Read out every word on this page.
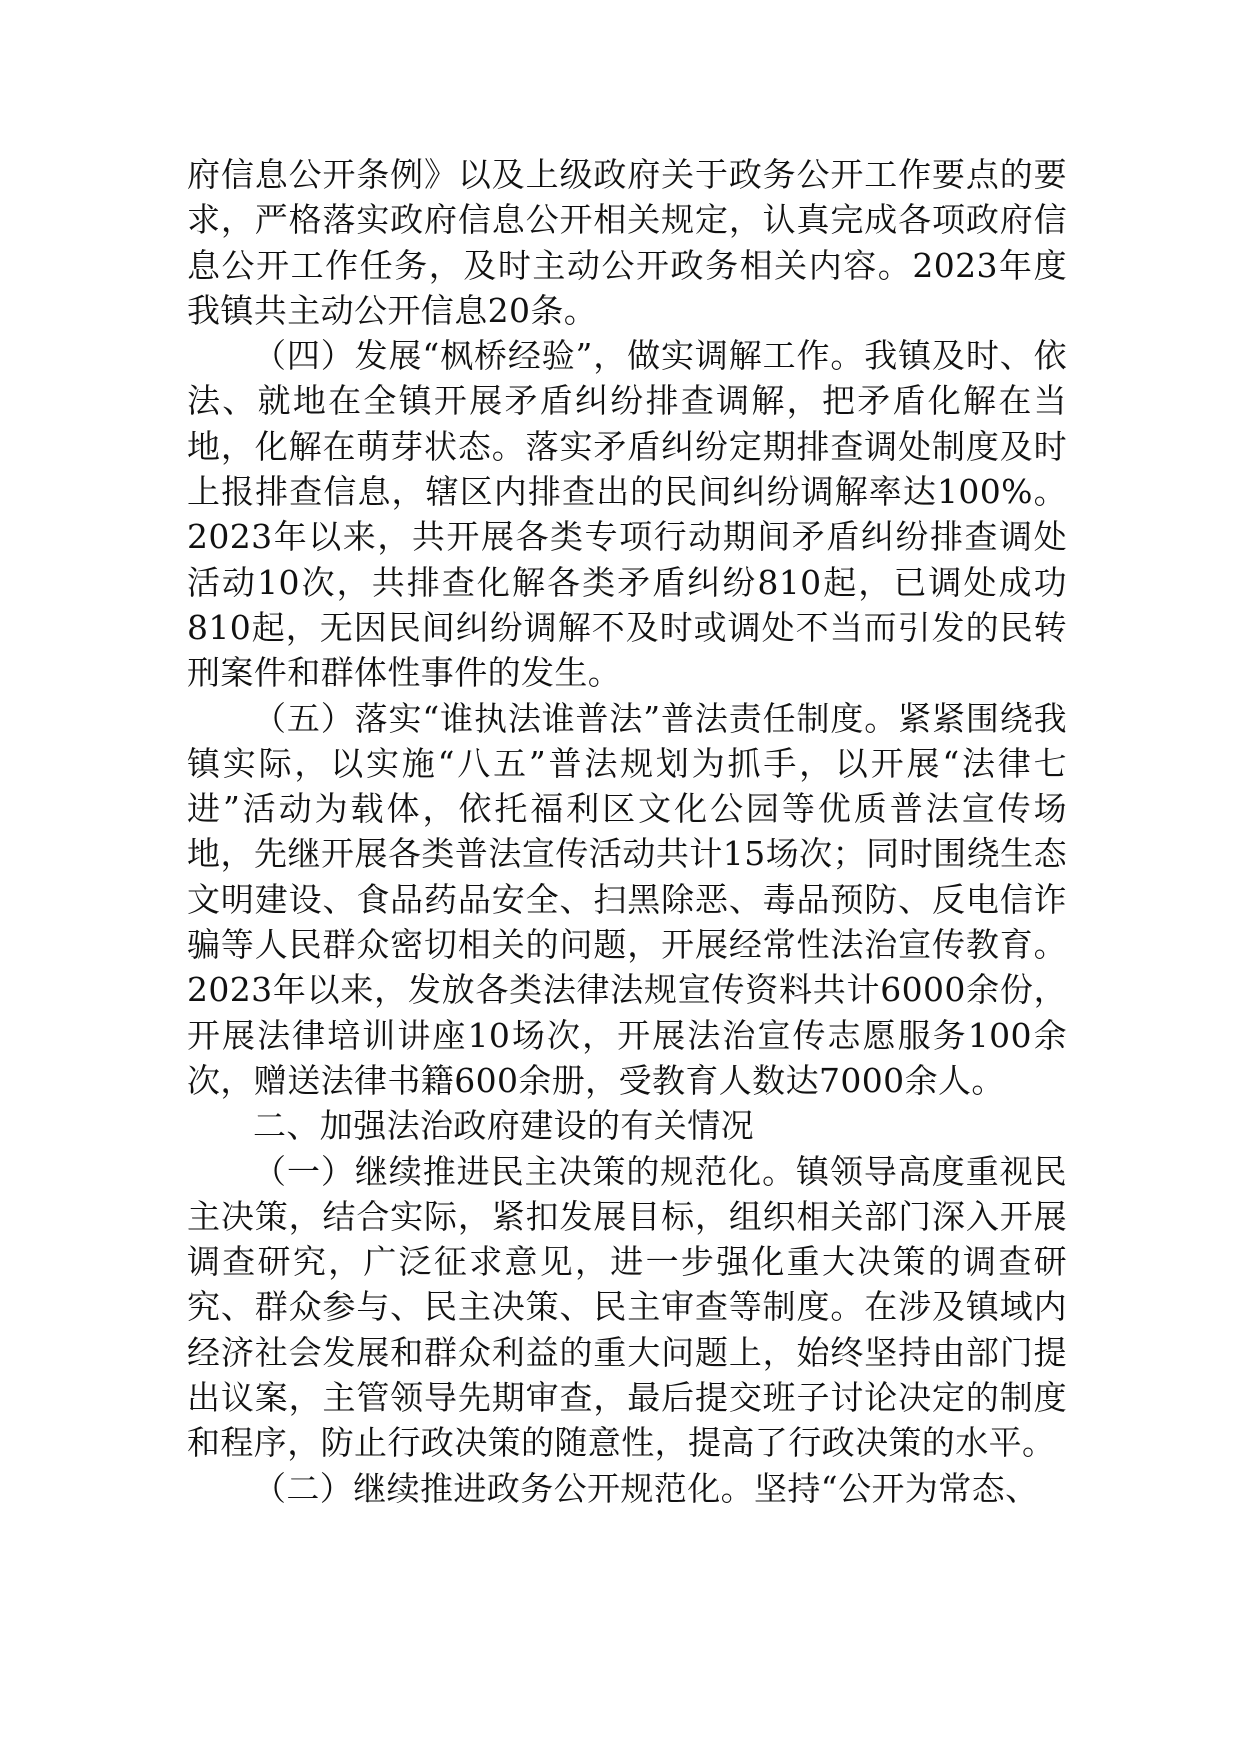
府信息公开条例》以及上级政府关于政务公开工作要点的要求，严格落实政府信息公开相关规定，认真完成各项政府信息公开工作任务，及时主动公开政务相关内容。2023年度我镇共主动公开信息20条。

（四）发展“枫桥经验”，做实调解工作。我镇及时、依法、就地在全镇开展矛盾纠纷排查调解，把矛盾化解在当地，化解在萌芽状态。落实矛盾纠纷定期排查调处制度及时上报排查信息，辖区内排查出的民间纠纷调解率达100%。2023年以来，共开展各类专项行动期间矛盾纠纷排查调处活动10次，共排查化解各类矛盾纠纷810起，已调处成功810起，无因民间纠纷调解不及时或调处不当而引发的民转刑案件和群体性事件的发生。

（五）落实“谁执法谁普法”普法责任制度。紧紧围绕我镇实际，以实施“八五”普法规划为抓手，以开展“法律七进”活动为载体，依托福利区文化公园等优质普法宣传场地，先继开展各类普法宣传活动共计15场次；同时围绕生态文明建设、食品药品安全、扫黑除恶、毒品预防、反电信诈骗等人民群众密切相关的问题，开展经常性法治宣传教育。2023年以来，发放各类法律法规宣传资料共计6000余份，开展法律培训讲座10场次，开展法治宣传志愿服务100余次，赠送法律书籍600余册，受教育人数达7000余人。

二、加强法治政府建设的有关情况

（一）继续推进民主决策的规范化。镇领导高度重视民主决策，结合实际，紧扣发展目标，组织相关部门深入开展调查研究，广泛征求意见，进一步强化重大决策的调查研究、群众参与、民主决策、民主审查等制度。在涉及镇域内经济社会发展和群众利益的重大问题上，始终坚持由部门提出议案，主管领导先期审查，最后提交班子讨论决定的制度和程序，防止行政决策的随意性，提高了行政决策的水平。

（二）继续推进政务公开规范化。坚持“公开为常态、
